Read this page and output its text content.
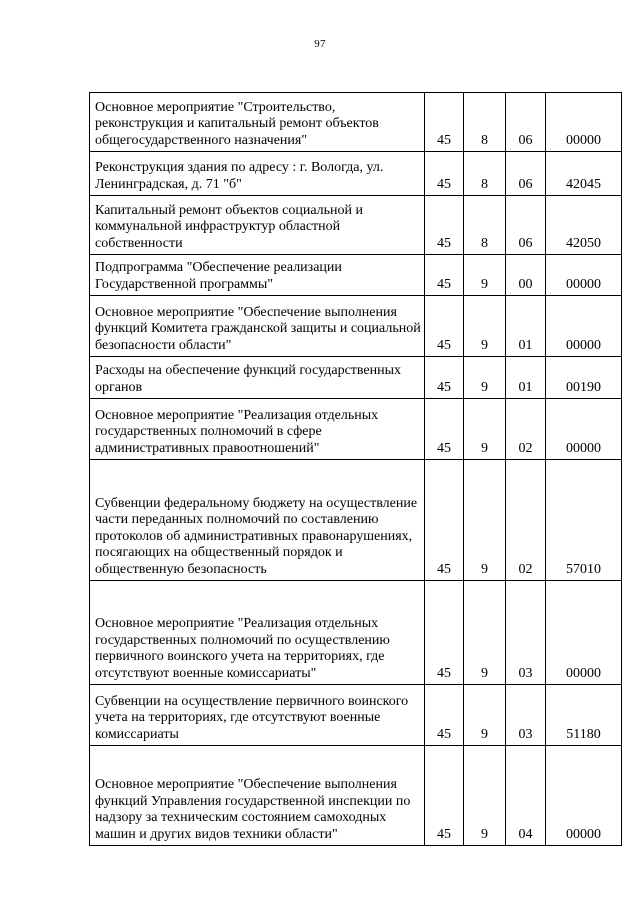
97
Основное мероприятие "Строительство, реконструкция и капитальный ремонт объектов общегосударственного назначения"	45	8	06	00000
Реконструкция здания по адресу : г. Вологда, ул. Ленинградская, д. 71 "б"	45	8	06	42045
Капитальный ремонт объектов социальной и коммунальной инфраструктур областной собственности	45	8	06	42050
Подпрограмма "Обеспечение реализации Государственной программы"	45	9	00	00000
Основное мероприятие "Обеспечение выполнения функций Комитета гражданской защиты и социальной безопасности области"	45	9	01	00000
Расходы на обеспечение функций государственных органов	45	9	01	00190
Основное мероприятие "Реализация отдельных государственных полномочий в сфере административных правоотношений"	45	9	02	00000
Субвенции федеральному бюджету на осуществление части переданных полномочий по составлению протоколов об административных правонарушениях, посягающих на общественный порядок и общественную безопасность	45	9	02	57010
Основное мероприятие "Реализация отдельных государственных полномочий по осуществлению первичного воинского учета на территориях, где отсутствуют военные комиссариаты"	45	9	03	00000
Субвенции на осуществление первичного воинского учета на территориях, где отсутствуют военные комиссариаты	45	9	03	51180
Основное мероприятие "Обеспечение выполнения функций Управления государственной инспекции по надзору за техническим состоянием самоходных машин и других видов техники области"	45	9	04	00000
